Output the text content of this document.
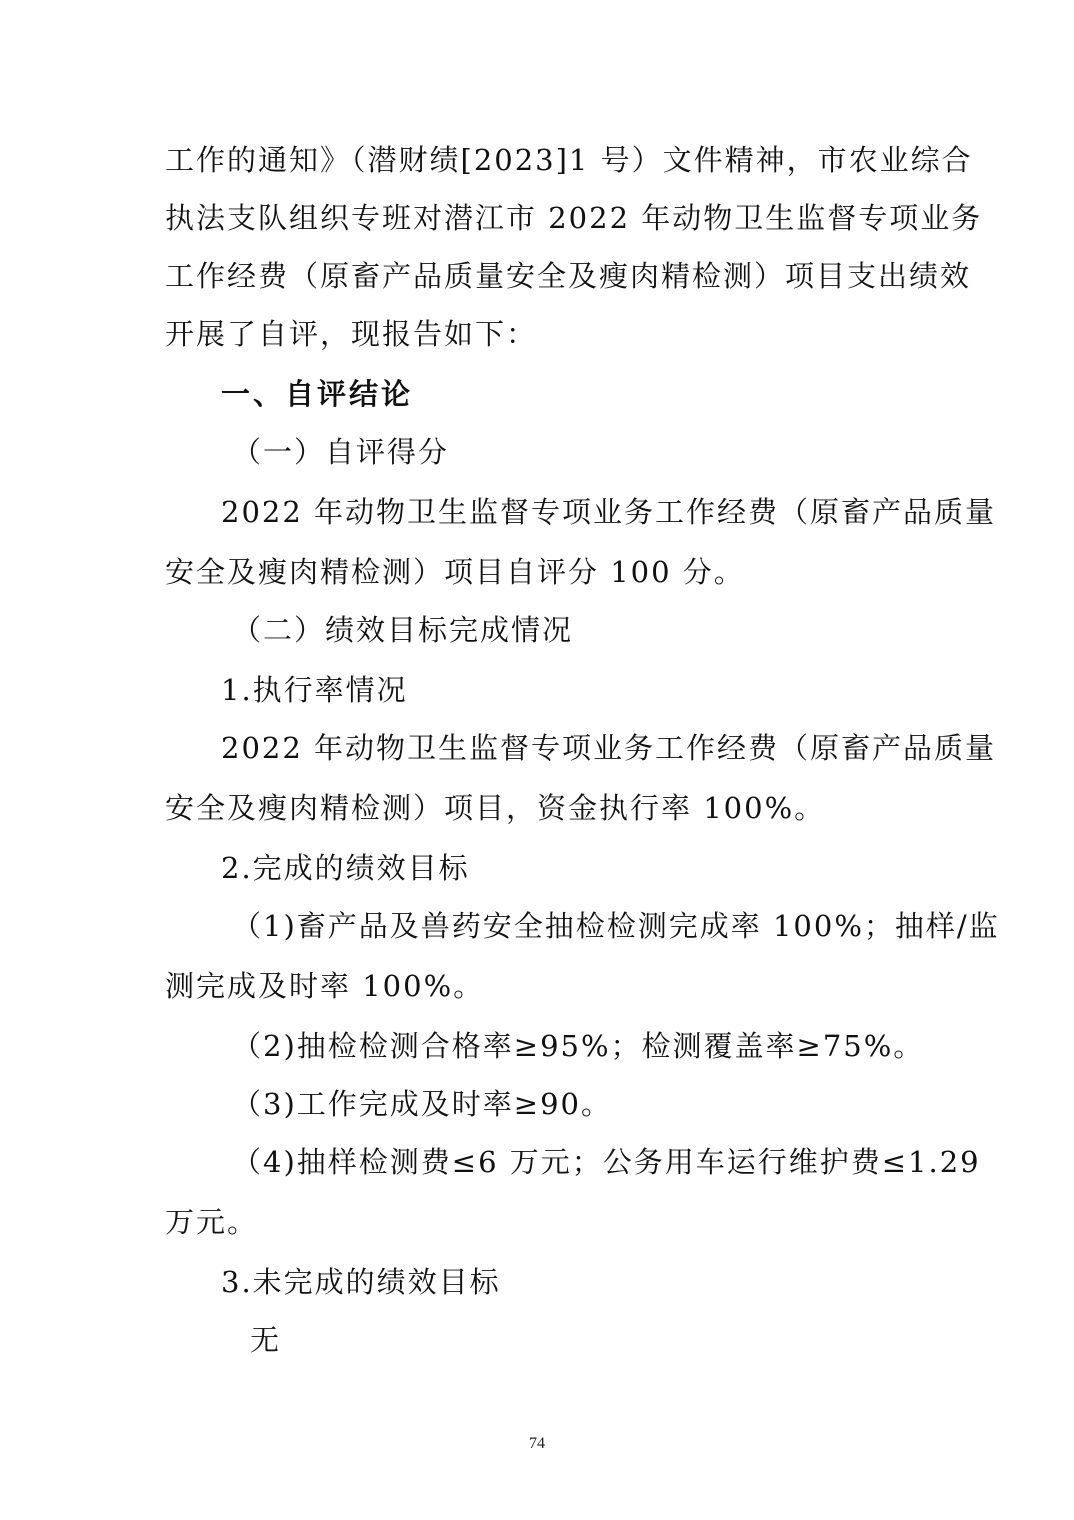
工作的通知》（潜财绩[2023]1 号）文件精神，市农业综合
执法支队组织专班对潜江市 2022 年动物卫生监督专项业务
工作经费（原畜产品质量安全及瘦肉精检测）项目支出绩效
开展了自评，现报告如下：
一、自评结论
（一）自评得分
2022 年动物卫生监督专项业务工作经费（原畜产品质量
安全及瘦肉精检测）项目自评分 100 分。
（二）绩效目标完成情况
1.执行率情况
2022 年动物卫生监督专项业务工作经费（原畜产品质量
安全及瘦肉精检测）项目，资金执行率 100%。
2.完成的绩效目标
（1)畜产品及兽药安全抽检检测完成率 100%；抽样/监
测完成及时率 100%。
（2)抽检检测合格率≥95%；检测覆盖率≥75%。
（3)工作完成及时率≥90。
（4)抽样检测费≤6 万元；公务用车运行维护费≤1.29
万元。
3.未完成的绩效目标
无
74
